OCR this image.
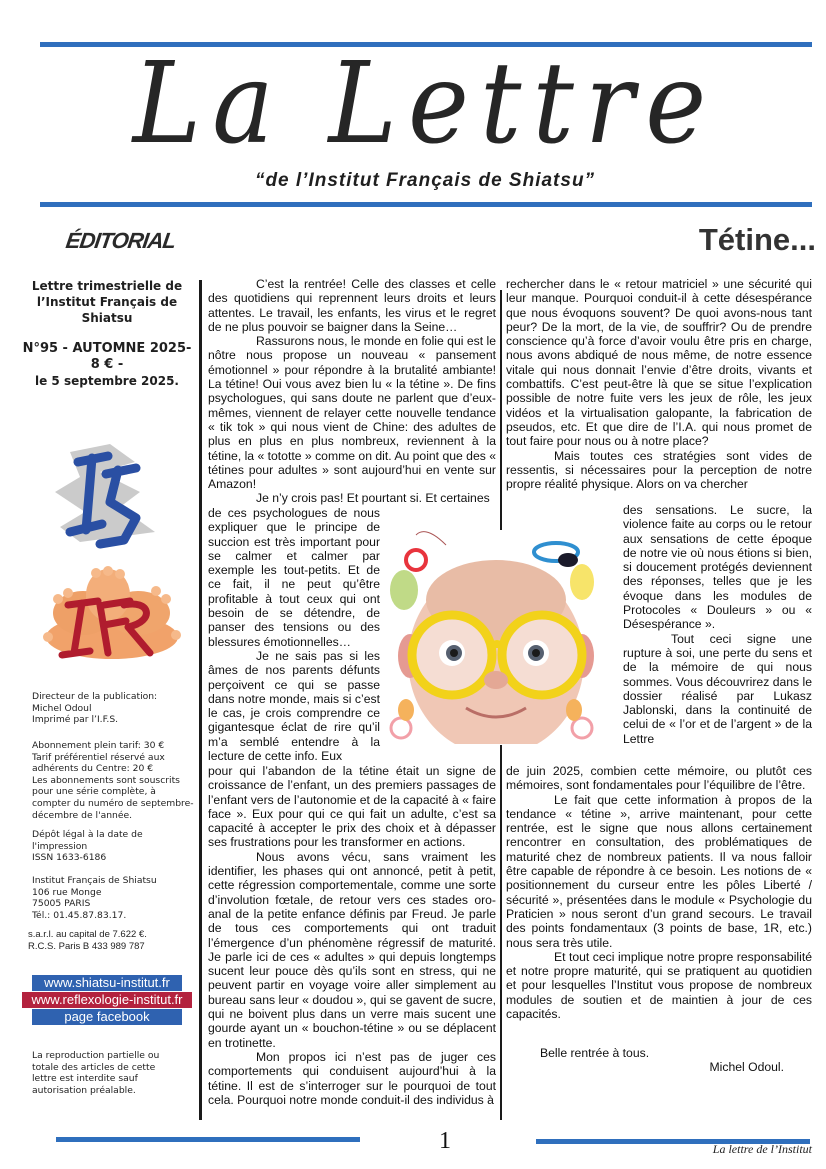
La Lettre
“de l’Institut Français de Shiatsu”
ÉDITORIAL	Tétine...
Lettre trimestrielle de l’Institut Français de Shiatsu
N°95 - AUTOMNE 2025-
8 € -
le 5 septembre 2025.
Directeur de la publication:
Michel Odoul
Imprimé par l’I.F.S.
Abonnement plein tarif: 30 €
Tarif préférentiel réservé aux adhérents du Centre: 20 €
Les abonnements sont souscrits pour une série complète, à compter du numéro de septembre-décembre de l'année.
Dépôt légal à la date de l'impression
ISSN 1633-6186
Institut Français de Shiatsu
106 rue Monge
75005 PARIS
Tél.: 01.45.87.83.17.
s.a.r.l. au capital de 7.622 €.
R.C.S. Paris B 433 989 787
www.shiatsu-institut.fr
www.reflexologie-institut.fr
page facebook
La reproduction partielle ou totale des articles de cette lettre est interdite sauf autorisation préalable.

C’est la rentrée! Celle des classes et celle des quotidiens qui reprennent leurs droits et leurs attentes. Le travail, les enfants, les virus et le regret de ne plus pouvoir se baigner dans la Seine…

Rassurons nous, le monde en folie qui est le nôtre nous propose un nouveau « pansement émotionnel » pour répondre à la brutalité ambiante! La tétine! Oui vous avez bien lu « la tétine ». De fins psychologues, qui sans doute ne parlent que d’eux-mêmes, viennent de relayer cette nouvelle tendance « tik tok » qui nous vient de Chine: des adultes de plus en plus en plus nombreux, reviennent à la tétine, la « tototte » comme on dit. Au point que des « tétines pour adultes » sont aujourd’hui en vente sur Amazon!

Je n’y crois pas! Et pourtant si. Et certaines

de ces psychologues de nous expliquer que le principe de succion est très important pour se calmer et calmer par exemple les tout-petits. Et de ce fait, il ne peut qu’être profitable à tout ceux qui ont besoin de se détendre, de panser des tensions ou des blessures émotionnelles…

Je ne sais pas si les âmes de nos parents défunts perçoivent ce qui se passe dans notre monde, mais si c’est le cas, je crois comprendre ce gigantesque éclat de rire qu’il m’a semblé entendre à la lecture de cette info. Eux

pour qui l’abandon de la tétine était un signe de croissance de l’enfant, un des premiers passages de l’enfant vers de l’autonomie et de la capacité à « faire face ». Eux pour qui ce qui fait un adulte, c’est sa capacité à accepter le prix des choix et à dépasser ses frustrations pour les transformer en actions.

Nous avons vécu, sans vraiment les identifier, les phases qui ont annoncé, petit à petit, cette régression comportementale, comme une sorte d’involution fœtale, de retour vers ces stades oro-anal de la petite enfance définis par Freud. Je parle de tous ces comportements qui ont traduit l’émergence d’un phénomène régressif de maturité. Je parle ici de ces « adultes » qui depuis longtemps sucent leur pouce dès qu’ils sont en stress, qui ne peuvent partir en voyage voire aller simplement au bureau sans leur « doudou », qui se gavent de sucre, qui ne boivent plus dans un verre mais sucent une gourde ayant un « bouchon-tétine » ou se déplacent en trotinette.

Mon propos ici n’est pas de juger ces comportements qui conduisent aujourd’hui à la tétine. Il est de s’interroger sur le pourquoi de tout cela. Pourquoi notre monde conduit-il des individus à

rechercher dans le « retour matriciel » une sécurité qui leur manque. Pourquoi conduit-il à cette désespérance que nous évoquons souvent? De quoi avons-nous tant peur? De la mort, de la vie, de souffrir? Ou de prendre conscience qu’à force d’avoir voulu être pris en charge, nous avons abdiqué de nous même, de notre essence vitale qui nous donnait l’envie d’être droits, vivants et combattifs. C’est peut-être là que se situe l’explication possible de notre fuite vers les jeux de rôle, les jeux vidéos et la virtualisation galopante, la fabrication de pseudos, etc. Et que dire de l’I.A. qui nous promet de tout faire pour nous ou à notre place?

Mais toutes ces stratégies sont vides de ressentis, si nécessaires pour la perception de notre propre réalité physique. Alors on va chercher

des sensations. Le sucre, la violence faite au corps ou le retour aux sensations de cette époque de notre vie où nous étions si bien, si doucement protégés deviennent des réponses, telles que je les évoque dans les modules de Protocoles « Douleurs » ou « Désespérance ».

Tout ceci signe une rupture à soi, une perte du sens et de la mémoire de qui nous sommes. Vous découvrirez dans le dossier réalisé par Lukasz Jablonski, dans la continuité de celui de « l’or et de l’argent » de la Lettre

de juin 2025, combien cette mémoire, ou plutôt ces mémoires, sont fondamentales pour l’équilibre de l’être.

Le fait que cette information à propos de la tendance « tétine », arrive maintenant, pour cette rentrée, est le signe que nous allons certainement rencontrer en consultation, des problématiques de maturité chez de nombreux patients. Il va nous falloir être capable de répondre à ce besoin. Les notions de « positionnement du curseur entre les pôles Liberté / sécurité », présentées dans le module « Psychologie du Praticien » nous seront d’un grand secours. Le travail des points fondamentaux (3 points de base, 1R, etc.) nous sera très utile.

Et tout ceci implique notre propre responsabilité et notre propre maturité, qui se pratiquent au quotidien et pour lesquelles l’Institut vous propose de nombreux modules de soutien et de maintien à jour de ces capacités.

Belle rentrée à tous.
Michel Odoul.
1	La lettre de l’Institut
